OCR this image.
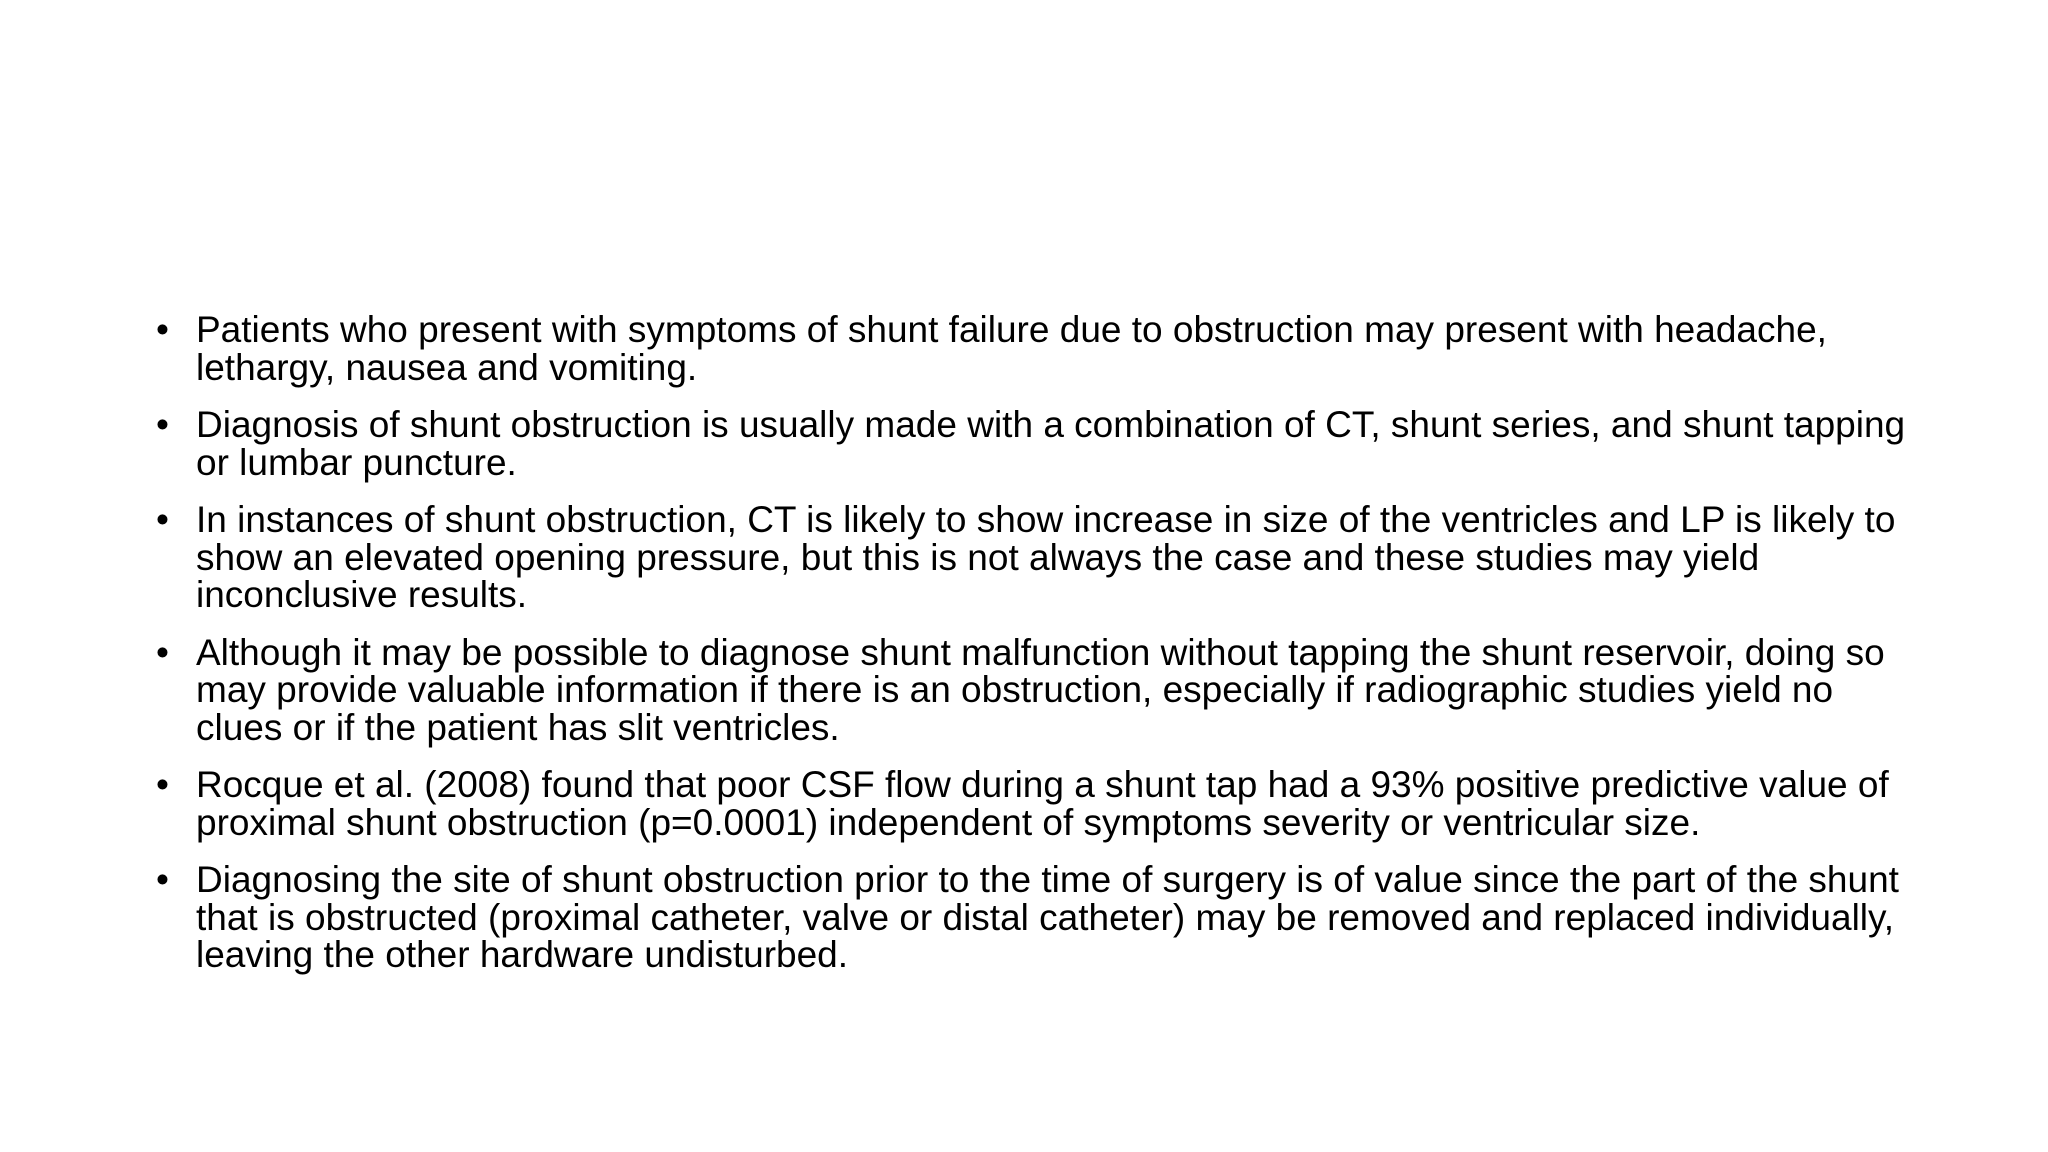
• Patients who present with symptoms of shunt failure due to obstruction may present with headache, lethargy, nausea and vomiting.
• Diagnosis of shunt obstruction is usually made with a combination of CT, shunt series, and shunt tapping or lumbar puncture.
• In instances of shunt obstruction, CT is likely to show increase in size of the ventricles and LP is likely to show an elevated opening pressure, but this is not always the case and these studies may yield inconclusive results.
• Although it may be possible to diagnose shunt malfunction without tapping the shunt reservoir, doing so may provide valuable information if there is an obstruction, especially if radiographic studies yield no clues or if the patient has slit ventricles.
• Rocque et al. (2008) found that poor CSF flow during a shunt tap had a 93% positive predictive value of proximal shunt obstruction (p=0.0001) independent of symptoms severity or ventricular size.
• Diagnosing the site of shunt obstruction prior to the time of surgery is of value since the part of the shunt that is obstructed (proximal catheter, valve or distal catheter) may be removed and replaced individually, leaving the other hardware undisturbed.
